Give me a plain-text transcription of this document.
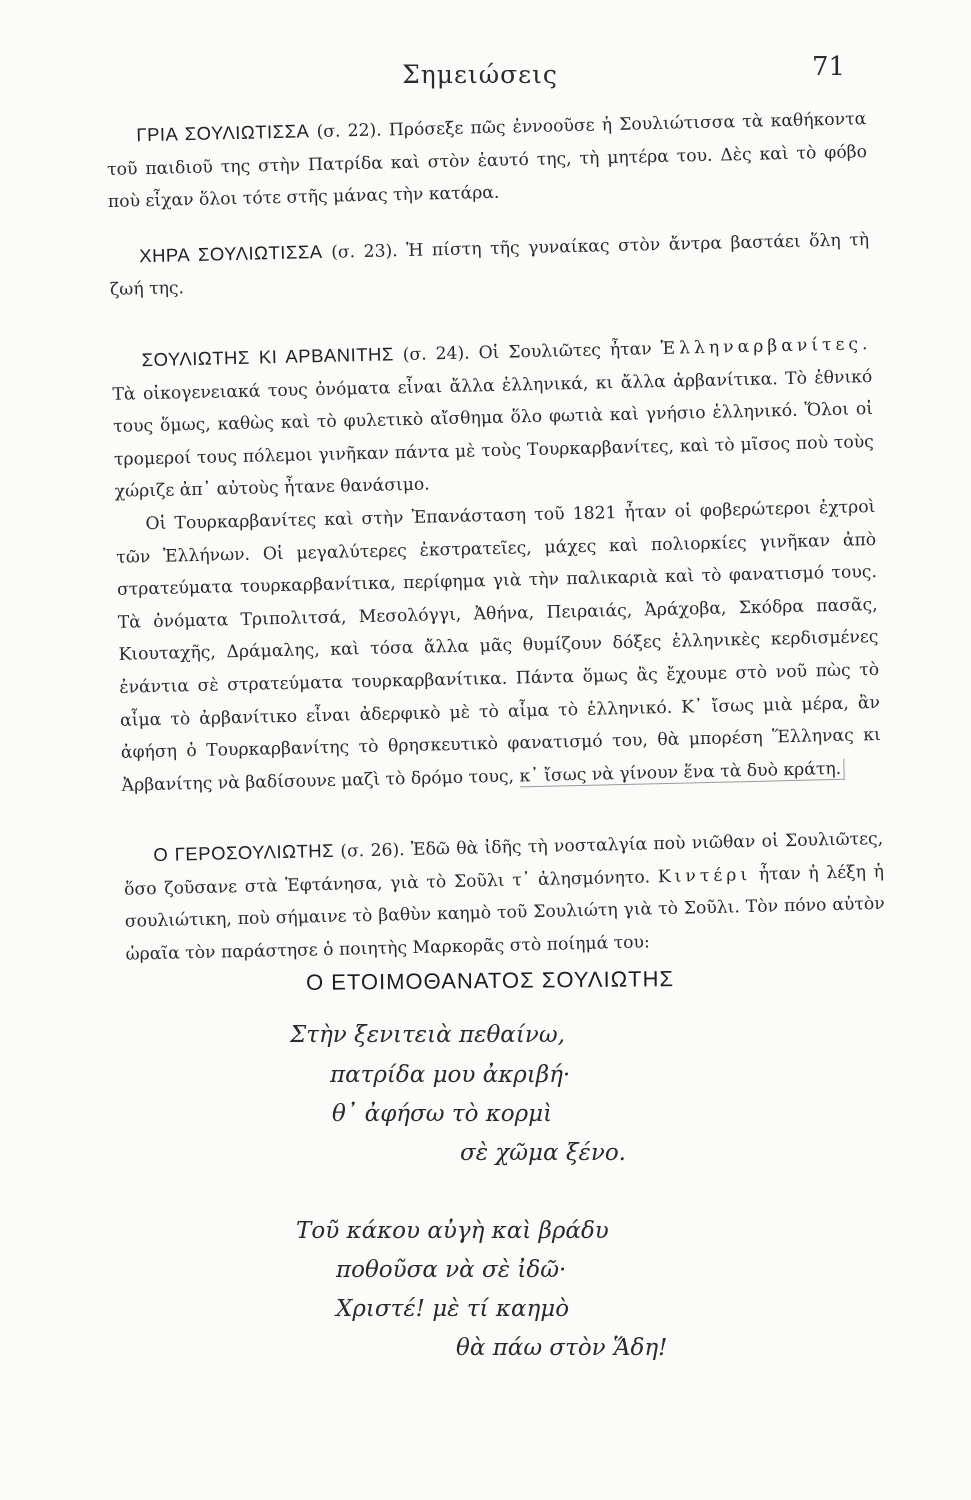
Σημειώσεις	71

ΓΡΙΑ ΣΟΥΛΙΩΤΙΣΣΑ (σ. 22). Πρόσεξε πῶς ἐννοοῦσε ἡ Σουλιώτισσα τὰ καθήκοντα τοῦ παιδιοῦ της στὴν Πατρίδα καὶ στὸν ἑαυτό της, τὴ μητέρα του. Δὲς καὶ τὸ φόβο ποὺ εἶχαν ὅλοι τότε στῆς μάνας τὴν κατάρα.

ΧΗΡΑ ΣΟΥΛΙΩΤΙΣΣΑ (σ. 23). Ἡ πίστη τῆς γυναίκας στὸν ἄντρα βαστάει ὅλη τὴ ζωή της.

ΣΟΥΛΙΩΤΗΣ ΚΙ ΑΡΒΑΝΙΤΗΣ (σ. 24). Οἱ Σουλιῶτες ἦταν Ἑλληναρβανίτες. Τὰ οἰκογενειακά τους ὀνόματα εἶναι ἄλλα ἑλληνικά, κι ἄλλα ἀρβανίτικα. Τὸ ἐθνικό τους ὅμως, καθὼς καὶ τὸ φυλετικὸ αἴσθημα ὅλο φωτιὰ καὶ γνήσιο ἑλληνικό. Ὅλοι οἱ τρομεροί τους πόλεμοι γινῆκαν πάντα μὲ τοὺς Τουρκαρβανίτες, καὶ τὸ μῖσος ποὺ τοὺς χώριζε ἀπ᾽ αὐτοὺς ἦτανε θανάσιμο.

Οἱ Τουρκαρβανίτες καὶ στὴν Ἐπανάσταση τοῦ 1821 ἦταν οἱ φοβερώτεροι ἐχτροὶ τῶν Ἑλλήνων. Οἱ μεγαλύτερες ἐκστρατεῖες, μάχες καὶ πολιορκίες γινῆκαν ἀπὸ στρατεύματα τουρκαρβανίτικα, περίφημα γιὰ τὴν παλικαριὰ καὶ τὸ φανατισμό τους. Τὰ ὀνόματα Τριπολιτσά, Μεσολόγγι, Ἀθήνα, Πειραιάς, Ἀράχοβα, Σκόδρα πασᾶς, Κιουταχῆς, Δράμαλης, καὶ τόσα ἄλλα μᾶς θυμίζουν δόξες ἑλληνικὲς κερδισμένες ἐνάντια σὲ στρατεύματα τουρκαρβανίτικα. Πάντα ὅμως ἂς ἔχουμε στὸ νοῦ πὼς τὸ αἷμα τὸ ἀρβανίτικο εἶναι ἀδερφικὸ μὲ τὸ αἷμα τὸ ἑλληνικό. Κ᾽ ἴσως μιὰ μέρα, ἂν ἀφήση ὁ Τουρκαρβανίτης τὸ θρησκευτικὸ φανατισμό του, θὰ μπορέση Ἕλληνας κι Ἀρβανίτης νὰ βαδίσουνε μαζὶ τὸ δρόμο τους, κ᾽ ἴσως νὰ γίνουν ἕνα τὰ δυὸ κράτη.

Ο ΓΕΡΟΣΟΥΛΙΩΤΗΣ (σ. 26). Ἐδῶ θὰ ἰδῆς τὴ νοσταλγία ποὺ νιῶθαν οἱ Σουλιῶτες, ὅσο ζοῦσανε στὰ Ἑφτάνησα, γιὰ τὸ Σοῦλι τ᾽ ἀλησμόνητο. Κιντέρι ἦταν ἡ λέξη ἡ σουλιώτικη, ποὺ σήμαινε τὸ βαθὺν καημὸ τοῦ Σουλιώτη γιὰ τὸ Σοῦλι. Τὸν πόνο αὐτὸν ὡραῖα τὸν παράστησε ὁ ποιητὴς Μαρκορᾶς στὸ ποίημά του:

Ο ΕΤΟΙΜΟΘΑΝΑΤΟΣ ΣΟΥΛΙΩΤΗΣ
Στὴν ξενιτειὰ πεθαίνω,
πατρίδα μου ἀκριβή·
θ᾽ ἀφήσω τὸ κορμὶ
σὲ χῶμα ξένο.
Τοῦ κάκου αὐγὴ καὶ βράδυ
ποθοῦσα νὰ σὲ ἰδῶ·
Χριστέ! μὲ τί καημὸ
θὰ πάω στὸν Ἅδη!
